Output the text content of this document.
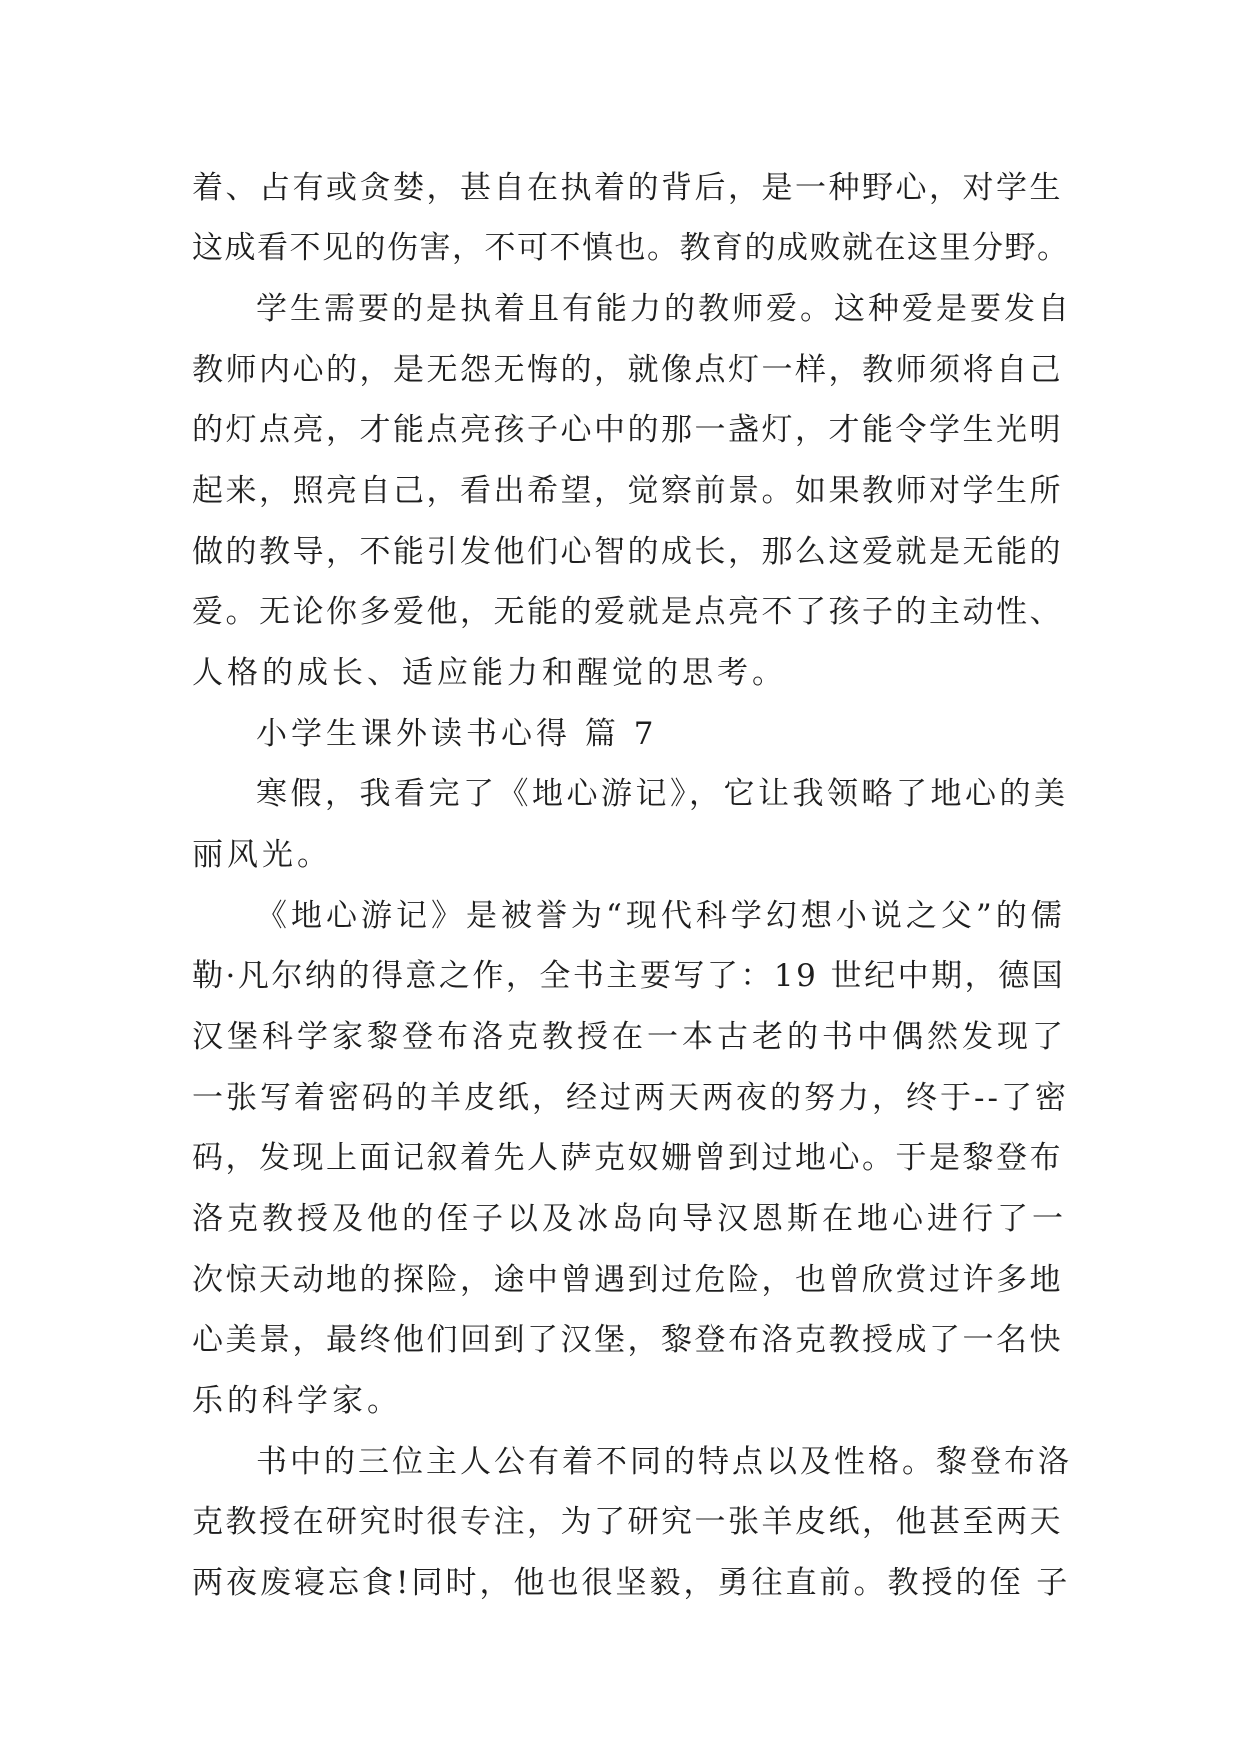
着、占有或贪婪，甚自在执着的背后，是一种野心，对学生
这成看不见的伤害，不可不慎也。教育的成败就在这里分野。
学生需要的是执着且有能力的教师爱。这种爱是要发自
教师内心的，是无怨无悔的，就像点灯一样，教师须将自己
的灯点亮，才能点亮孩子心中的那一盏灯，才能令学生光明
起来，照亮自己，看出希望，觉察前景。如果教师对学生所
做的教导，不能引发他们心智的成长，那么这爱就是无能的
爱。无论你多爱他，无能的爱就是点亮不了孩子的主动性、
人格的成长、适应能力和醒觉的思考。
小学生课外读书心得 篇 7
寒假，我看完了《地心游记》，它让我领略了地心的美
丽风光。
《地心游记》是被誉为“现代科学幻想小说之父”的儒
勒·凡尔纳的得意之作，全书主要写了：19 世纪中期，德国
汉堡科学家黎登布洛克教授在一本古老的书中偶然发现了
一张写着密码的羊皮纸，经过两天两夜的努力，终于--了密
码，发现上面记叙着先人萨克奴姗曾到过地心。于是黎登布
洛克教授及他的侄子以及冰岛向导汉恩斯在地心进行了一
次惊天动地的探险，途中曾遇到过危险，也曾欣赏过许多地
心美景，最终他们回到了汉堡，黎登布洛克教授成了一名快
乐的科学家。
书中的三位主人公有着不同的特点以及性格。黎登布洛
克教授在研究时很专注，为了研究一张羊皮纸，他甚至两天
两夜废寝忘食!同时，他也很坚毅，勇往直前。教授的侄 子
